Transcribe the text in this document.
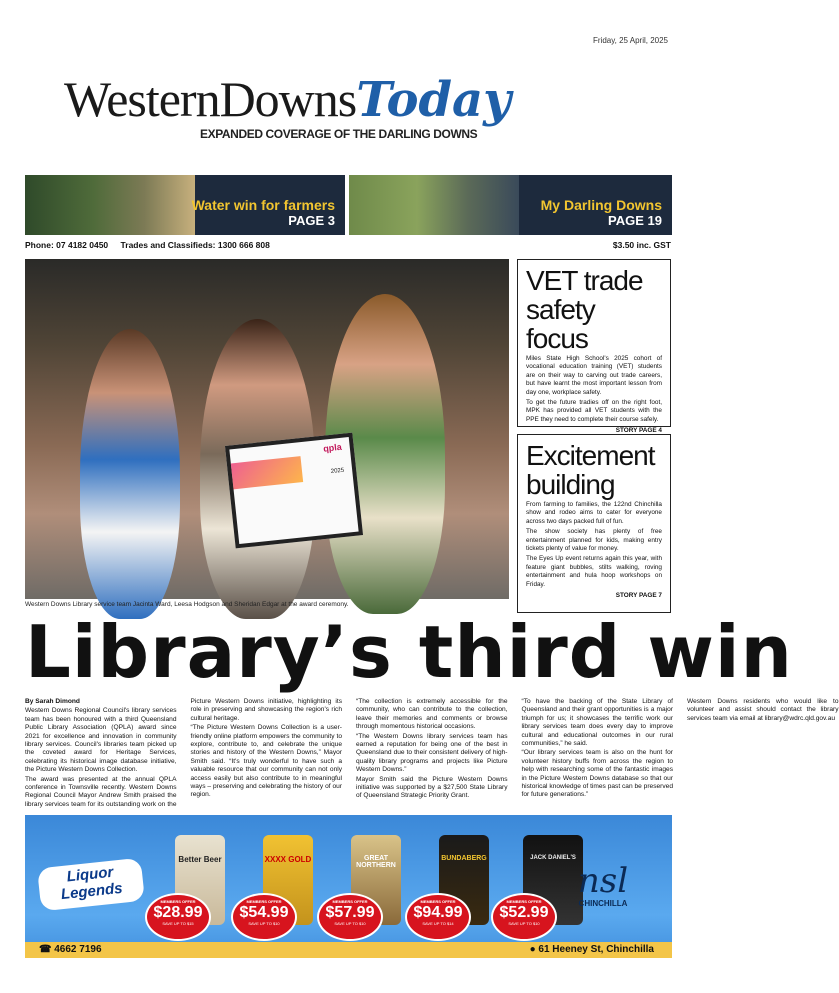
Friday, 25 April, 2025
WesternDownsToday
EXPANDED COVERAGE OF THE DARLING DOWNS
Water win for farmers
PAGE 3
My Darling Downs
PAGE 19
Phone: 07 4182 0450 Trades and Classifieds: 1300 666 808	$3.50 inc. GST
qpla
2025
Western Downs Library service team Jacinta Ward, Leesa Hodgson and Sheridan Edgar at the award ceremony.
VET trade safety focus

Miles State High School's 2025 cohort of vocational education training (VET) students are on their way to carving out trade careers, but have learnt the most important lesson from day one, workplace safety.

To get the future tradies off on the right foot, MPK has provided all VET students with the PPE they need to complete their course safely.

STORY PAGE 4
Excitement building

From farming to families, the 122nd Chinchilla show and rodeo aims to cater for everyone across two days packed full of fun.

The show society has plenty of free entertainment planned for kids, making entry tickets plenty of value for money.

The Eyes Up event returns again this year, with feature giant bubbles, stilts walking, roving entertainment and hula hoop workshops on Friday.

STORY PAGE 7
Library’s third win

By Sarah Dimond

Western Downs Regional Council's library services team has been honoured with a third Queensland Public Library Association (QPLA) award since 2021 for excellence and innovation in community library services. Council's libraries team picked up the coveted award for Heritage Services, celebrating its historical image database initiative, the Picture Western Downs Collection.

The award was presented at the annual QPLA conference in Townsville recently. Western Downs Regional Council Mayor Andrew Smith praised the library services team for its outstanding work on the Picture Western Downs initiative, highlighting its role in preserving and showcasing the region's rich cultural heritage.

“The Picture Western Downs Collection is a user-friendly online platform empowers the community to explore, contribute to, and celebrate the unique stories and history of the Western Downs,” Mayor Smith said. “It's truly wonderful to have such a valuable resource that our community can not only access easily but also contribute to in meaningful ways – preserving and celebrating the history of our region.

“The collection is extremely accessible for the community, who can contribute to the collection, leave their memories and comments or browse through momentous historical occasions.

“The Western Downs library services team has earned a reputation for being one of the best in Queensland due to their consistent delivery of high-quality library programs and projects like Picture Western Downs.”

Mayor Smith said the Picture Western Downs initiative was supported by a $27,500 State Library of Queensland Strategic Priority Grant.

“To have the backing of the State Library of Queensland and their grant opportunities is a major triumph for us; it showcases the terrific work our library services team does every day to improve cultural and educational outcomes in our rural communities,” he said.

“Our library services team is also on the hunt for volunteer history buffs from across the region to help with researching some of the fantastic images in the Picture Western Downs database so that our historical knowledge of times past can be preserved for future generations.”

Western Downs residents who would like to volunteer and assist should contact the library services team via email at library@wdrc.qld.gov.au

Liquor Legends
Better Beer	XXXX GOLD	GREAT NORTHERN
BUNDABERG	JACK DANIEL'S
MEMBERS OFFER
$28.99
SAVE UP TO $15
MEMBERS OFFER
$54.99
SAVE UP TO $10
MEMBERS OFFER
$57.99
SAVE UP TO $10
MEMBERS OFFER
$94.99
SAVE UP TO $14
MEMBERS OFFER
$52.99
SAVE UP TO $10
nsl
CHINCHILLA
☎ 4662 7196	● 61 Heeney St, Chinchilla
